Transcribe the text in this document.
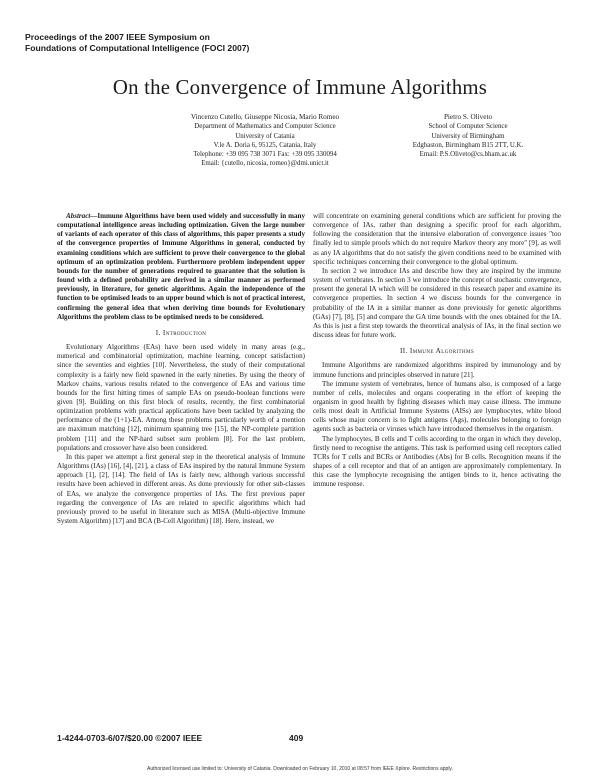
Proceedings of the 2007 IEEE Symposium on
Foundations of Computational Intelligence (FOCI 2007)
On the Convergence of Immune Algorithms
Vincenzo Cutello, Giuseppe Nicosia, Mario Romeo
Department of Mathematics and Computer Science
University of Catania
V.le A. Doria 6, 95125, Catania, Italy
Telephone: +39 095 738 3071 Fax: +39 095 330094
Email: {cutello, nicosia, romeo}@dmi.unict.it
Pietro S. Oliveto
School of Computer Science
University of Birmingham
Edgbaston, Birmingham B15 2TT, U.K.
Email: P.S.Oliveto@cs.bham.ac.uk

Abstract—Immune Algorithms have been used widely and successfully in many computational intelligence areas including optimization. Given the large number of variants of each operator of this class of algorithms, this paper presents a study of the convergence properties of Immune Algorithms in general, conducted by examining conditions which are sufficient to prove their convergence to the global optimum of an optimization problem. Furthermore problem independent upper bounds for the number of generations required to guarantee that the solution is found with a defined probability are derived in a similar manner as performed previously, in literature, for genetic algorithms. Again the independence of the function to be optimised leads to an upper bound which is not of practical interest, confirming the general idea that when deriving time bounds for Evolutionary Algorithms the problem class to be optimised needs to be considered.

I. Introduction

Evolutionary Algorithms (EAs) have been used widely in many areas (e.g., numerical and combinatorial optimization, machine learning, concept satisfaction) since the seventies and eighties [10]. Nevertheless, the study of their computational complexity is a fairly new field spawned in the early nineties. By using the theory of Markov chains, various results related to the convergence of EAs and various time bounds for the first hitting times of sample EAs on pseudo-boolean functions were given [9]. Building on this first block of results, recently, the first combinatorial optimization problems with practical applications have been tackled by analyzing the performance of the (1+1)-EA. Among these problems particularly worth of a mention are maximum matching [12], minimum spanning tree [15], the NP-complete partition problem [11] and the NP-hard subset sum problem [8]. For the last problem, populations and crossover have also been considered.

In this paper we attempt a first general step in the theoretical analysis of Immune Algorithms (IAs) [16], [4], [21], a class of EAs inspired by the natural Immune System approach [1], [2], [14]. The field of IAs is fairly new, although various successful results have been achieved in different areas. As done previously for other sub-classes of EAs, we analyze the convergence properties of IAs. The first previous paper regarding the convergence of IAs are related to specific algorithms which had previously proved to be useful in literature such as MISA (Multi-objective Immune System Algorithm) [17] and BCA (B-Cell Algorithm) [18]. Here, instead, we

will concentrate on examining general conditions which are sufficient for proving the convergence of IAs, rather than designing a specific proof for each algorithm, following the consideration that the intensive elaboration of convergence issues "too finally led to simple proofs which do not require Markov theory any more" [9], as well as any IA algorithms that do not satisfy the given conditions need to be examined with specific techniques concerning their convergence to the global optimum.

In section 2 we introduce IAs and describe how they are inspired by the immune system of vertebrates. In section 3 we introduce the concept of stochastic convergence, present the general IA which will be considered in this research paper and examine its convergence properties. In section 4 we discuss bounds for the convergence in probability of the IA in a similar manner as done previously for genetic algorithms (GAs) [7], [8], [5] and compare the GA time bounds with the ones obtained for the IA. As this is just a first step towards the theoretical analysis of IAs, in the final section we discuss ideas for future work.

II. Immune Algorithms

Immune Algorithms are randomized algorithms inspired by immunology and by immune functions and principles observed in nature [21].

The immune system of vertebrates, hence of humans also, is composed of a large number of cells, molecules and organs cooperating in the effort of keeping the organism in good health by fighting diseases which may cause illness. The immune cells most dealt in Artificial Immune Systems (AISs) are lymphocytes, white blood cells whose major concern is to fight antigens (Ags), molecules belonging to foreign agents such as bacteria or viruses which have introduced themselves in the organism.

The lymphocytes, B cells and T cells according to the organ in which they develop, firstly need to recognise the antigens. This task is performed using cell receptors called TCRs for T cells and BCRs or Antibodies (Abs) for B cells. Recognition means if the shapes of a cell receptor and that of an antigen are approximately complementary. In this case the lymphocyte recognising the antigen binds to it, hence activating the immune response.

1-4244-0703-6/07/$20.00 ©2007 IEEE	409
Authorized licensed use limited to: University of Catania. Downloaded on February 10, 2010 at 08:57 from IEEE Xplore. Restrictions apply.
